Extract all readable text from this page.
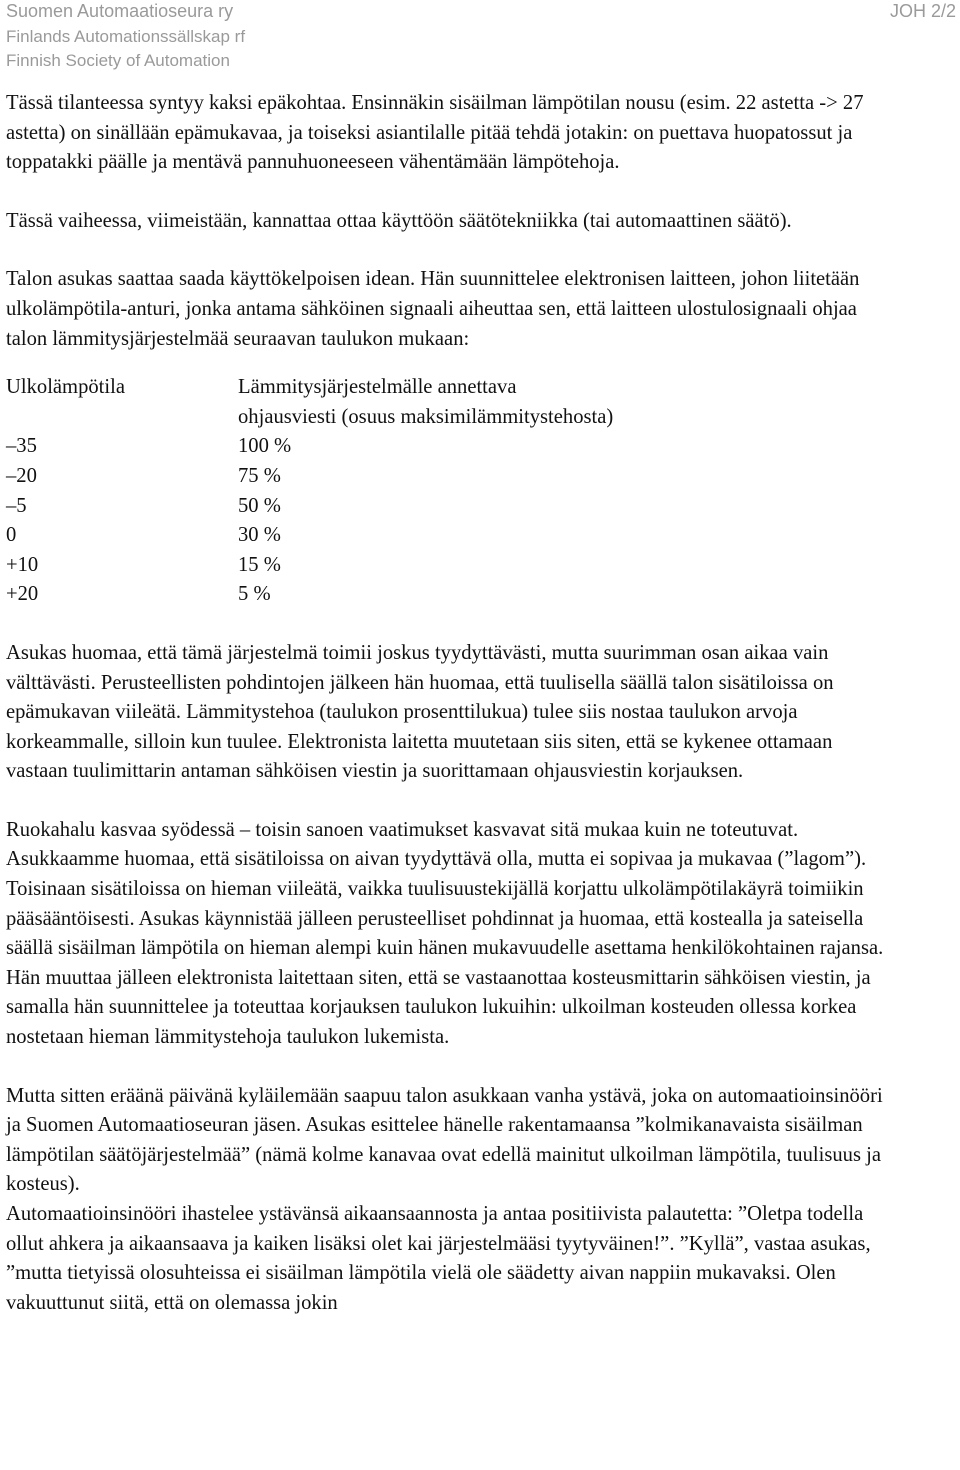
Suomen Automaatioseura ry
Finlands Automationssällskap rf
Finnish Society of Automation
JOH 2/2

Tässä tilanteessa syntyy kaksi epäkohtaa. Ensinnäkin sisäilman lämpötilan nousu (esim. 22 astetta -> 27 astetta) on sinällään epämukavaa, ja toiseksi asiantilalle pitää tehdä jotakin: on puettava huopatossut ja toppatakki päälle ja mentävä pannuhuoneeseen vähentämään lämpötehoja.

Tässä vaiheessa, viimeistään, kannattaa ottaa käyttöön säätötekniikka (tai automaattinen säätö).

Talon asukas saattaa saada käyttökelpoisen idean. Hän suunnittelee elektronisen laitteen, johon liitetään ulkolämpötila-anturi, jonka antama sähköinen signaali aiheuttaa sen, että laitteen ulostulosignaali ohjaa talon lämmitysjärjestelmää seuraavan taulukon mukaan:

Ulkolämpötila	Lämmitysjärjestelmälle annettava
ohjausviesti (osuus maksimilämmitystehosta)
–35	100 %
–20	75 %
–5	50 %
0	30 %
+10	15 %
+20	5 %

Asukas huomaa, että tämä järjestelmä toimii joskus tyydyttävästi, mutta suurimman osan aikaa vain välttävästi. Perusteellisten pohdintojen jälkeen hän huomaa, että tuulisella säällä talon sisätiloissa on epämukavan viileätä. Lämmitystehoa (taulukon prosenttilukua) tulee siis nostaa taulukon arvoja korkeammalle, silloin kun tuulee. Elektronista laitetta muutetaan siis siten, että se kykenee ottamaan vastaan tuulimittarin antaman sähköisen viestin ja suorittamaan ohjausviestin korjauksen.

Ruokahalu kasvaa syödessä – toisin sanoen vaatimukset kasvavat sitä mukaa kuin ne toteutuvat. Asukkaamme huomaa, että sisätiloissa on aivan tyydyttävä olla, mutta ei sopivaa ja mukavaa (”lagom”). Toisinaan sisätiloissa on hieman viileätä, vaikka tuulisuustekijällä korjattu ulkolämpötilakäyrä toimiikin pääsääntöisesti. Asukas käynnistää jälleen perusteelliset pohdinnat ja huomaa, että kostealla ja sateisella säällä sisäilman lämpötila on hieman alempi kuin hänen mukavuudelle asettama henkilökohtainen rajansa. Hän muuttaa jälleen elektronista laitettaan siten, että se vastaanottaa kosteusmittarin sähköisen viestin, ja samalla hän suunnittelee ja toteuttaa korjauksen taulukon lukuihin: ulkoilman kosteuden ollessa korkea nostetaan hieman lämmitystehoja taulukon lukemista.

Mutta sitten eräänä päivänä kyläilemään saapuu talon asukkaan vanha ystävä, joka on automaatioinsinööri ja Suomen Automaatioseuran jäsen. Asukas esittelee hänelle rakentamaansa ”kolmikanavaista sisäilman lämpötilan säätöjärjestelmää” (nämä kolme kanavaa ovat edellä mainitut ulkoilman lämpötila, tuulisuus ja kosteus).

Automaatioinsinööri ihastelee ystävänsä aikaansaannosta ja antaa positiivista palautetta: ”Oletpa todella ollut ahkera ja aikaansaava ja kaiken lisäksi olet kai järjestelmääsi tyytyväinen!”. ”Kyllä”, vastaa asukas, ”mutta tietyissä olosuhteissa ei sisäilman lämpötila vielä ole säädetty aivan nappiin mukavaksi. Olen vakuuttunut siitä, että on olemassa jokin
